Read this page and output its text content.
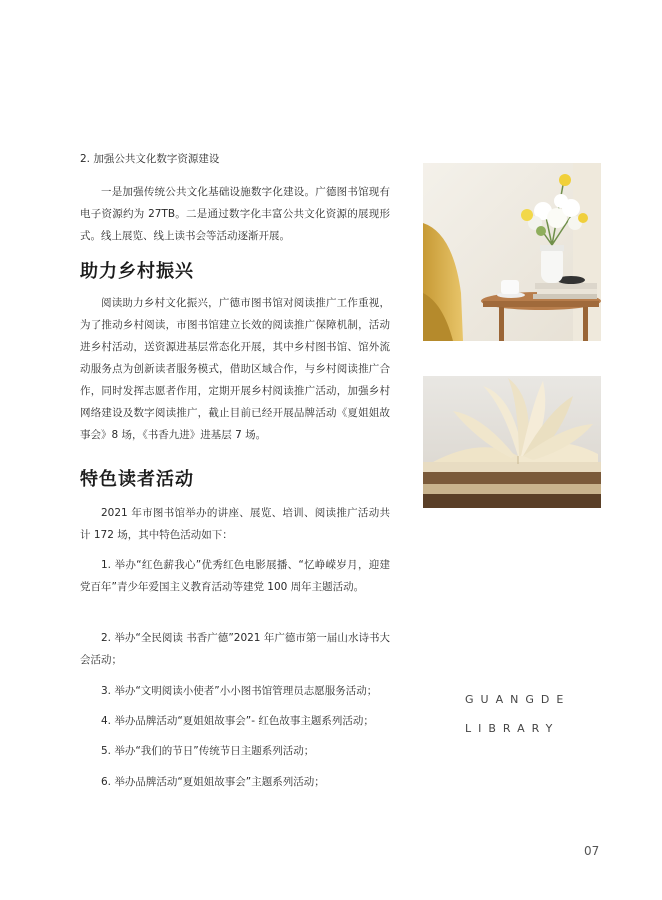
2. 加强公共文化数字资源建设
一是加强传统公共文化基础设施数字化建设。广德图书馆现有电子资源约为 27TB。二是通过数字化丰富公共文化资源的展现形式。线上展览、线上读书会等活动逐渐开展。
助力乡村振兴
阅读助力乡村文化振兴，广德市图书馆对阅读推广工作重视，为了推动乡村阅读，市图书馆建立长效的阅读推广保障机制，活动进乡村活动，送资源进基层常态化开展，其中乡村图书馆、馆外流动服务点为创新读者服务模式，借助区域合作，与乡村阅读推广合作，同时发挥志愿者作用，定期开展乡村阅读推广活动，加强乡村网络建设及数字阅读推广，截止目前已经开展品牌活动《夏姐姐故事会》8 场，《书香九进》进基层 7 场。
特色读者活动
2021 年市图书馆举办的讲座、展览、培训、阅读推广活动共计 172 场，其中特色活动如下：
1. 举办“红色薪我心”优秀红色电影展播、“忆峥嵘岁月，迎建党百年”青少年爱国主义教育活动等建党 100 周年主题活动。
2. 举办“全民阅读 书香广德”2021 年广德市第一届山水诗书大会活动；
3. 举办“文明阅读小使者”小小图书馆管理员志愿服务活动；
4. 举办品牌活动“夏姐姐故事会”- 红色故事主题系列活动；
5. 举办“我们的节日”传统节日主题系列活动；
6. 举办品牌活动“夏姐姐故事会”主题系列活动；
GUANGDE
LIBRARY
07
